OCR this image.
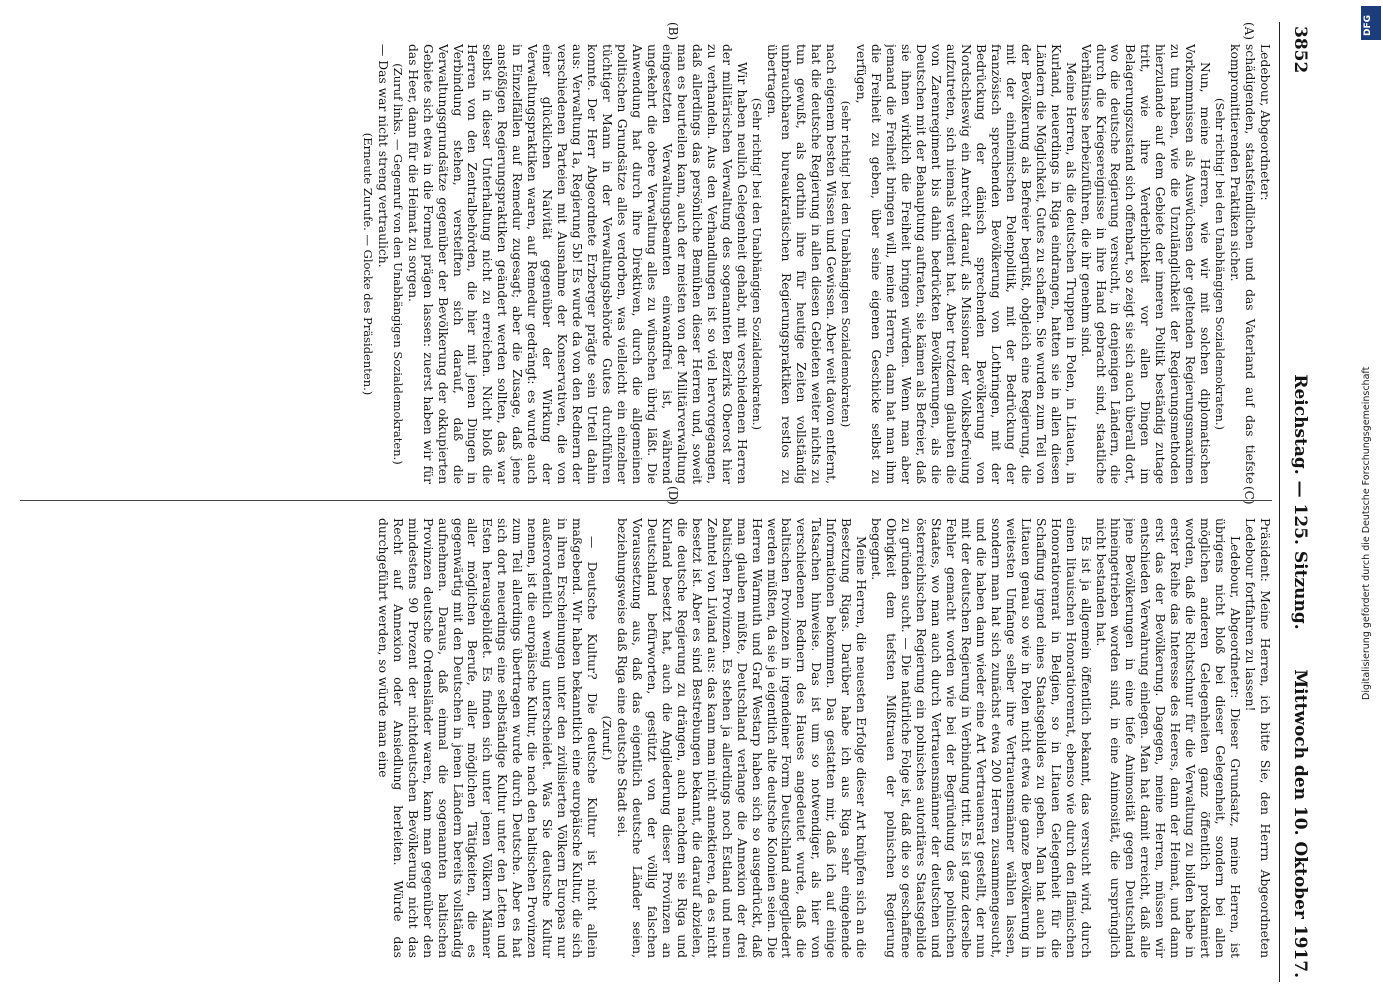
3852
Reichstag. — 125. Sitzung.
Mittwoch den 10. Oktober 1917.
(A)
(B)
(C)
(D)

Ledebour, Abgeordneter:

schädigenden, staatsfeindlichen und das Vaterland auf das tiefste kompromittierenden Praktiken sicher.

(Sehr richtig! bei den Unabhängigen Sozialdemokraten.)

Nun, meine Herren, wie wir mit solchen diplomatischen Vorkommnissen als Auswüchsen der geltenden Regierungsmaximen zu tun haben, wie die Unzulänglichkeit der Regierungsmethoden hierzulande auf dem Gebiete der inneren Politik beständig zutage tritt, wie ihre Verderblichkeit vor allen Dingen im Belagerungszustand sich offenbart, so zeigt sie sich auch überall dort, wo die deutsche Regierung versucht, in denjenigen Ländern, die durch die Kriegsereignisse in ihre Hand gebracht sind, staatliche Verhältnisse herbeizuführen, die ihr genehm sind.

Meine Herren, als die deutschen Truppen in Polen, in Litauen, in Kurland, neuerdings in Riga eindrangen, hatten sie in allen diesen Ländern die Möglichkeit, Gutes zu schaffen. Sie wurden zum Teil von der Bevölkerung als Befreier begrüßt, obgleich eine Regierung, die mit der einheimischen Polenpolitik, mit der Bedrückung der französisch sprechenden Bevölkerung von Lothringen, mit der Bedrückung der dänisch sprechenden Bevölkerung von Nordschleswig ein Anrecht darauf, als Missionar der Volksbefreiung aufzutreten, sich niemals verdient hat. Aber trotzdem glaubten die von Zarenregiment bis dahin bedrückten Bevölkerungen, als die Deutschen mit der Behauptung auftraten, sie kämen als Befreier, daß sie ihnen wirklich die Freiheit bringen würden. Wenn man aber jemand die Freiheit bringen will, meine Herren, dann hat man ihm die Freiheit zu geben, über seine eigenen Geschicke selbst zu verfügen,

(sehr richtig! bei den Unabhängigen Sozialdemokraten)

nach eigenem besten Wissen und Gewissen. Aber weit davon entfernt, hat die deutsche Regierung in allen diesen Gebieten weiter nichts zu tun gewußt, als dorthin ihre für heutige Zeiten vollständig unbrauchbaren bureaukratischen Regierungspraktiken restlos zu übertragen.

(Sehr richtig! bei den Unabhängigen Sozialdemokraten.)

Wir haben neulich Gelegenheit gehabt, mit verschiedenen Herren der militärischen Verwaltung des sogenannten Bezirks Oberost hier zu verhandeln. Aus den Verhandlungen ist so viel hervorgegangen, daß allerdings das persönliche Bemühen dieser Herren und, soweit man es beurteilen kann, auch der meisten von der Militärverwaltung eingesetzten Verwaltungsbeamten einwandfrei ist, während ungekehrt die obere Verwaltung alles zu wünschen übrig läßt. Die Anwendung hat durch ihre Direktiven, durch die allgemeinen politischen Grundsätze alles verdorben, was vielleicht ein einzelner tüchtiger Mann in der Verwaltungsbehörde Gutes durchführen konnte. Der Herr Abgeordnete Erzberger prägte sein Urteil dahin aus: Verwaltung 1a, Regierung 5b! Es wurde da von den Rednern der verschiedenen Parteien mit Ausnahme der Konservativen, die von einer glücklichen Naivität gegenüber der Wirkung der Verwaltungspraktiken waren, auf Remedur gedrängt: es wurde auch in Einzelfällen auf Remedur zugesagt; aber die Zusage, daß jene anstößigen Regierungspraktiken geändert werden sollten, das war selbst in dieser Unterhaltung nicht zu erreichen. Nicht bloß die Herren von den Zentralbehörden, die hier mit jenen Dingen in Verbindung stehen, versteiften sich darauf, daß die Verwaltungsgrundsätze gegenüber der Bevölkerung der okkupierten Gebiete sich etwa in die Formel prägen lassen: zuerst haben wir für das Heer, dann für die Heimat zu sorgen.

(Zuruf links. — Gegenruf von den Unabhängigen Sozialdemokraten.)

— Das war nicht streng vertraulich.

(Erneute Zurufe. — Glocke des Präsidenten.)

Präsident: Meine Herren, ich bitte Sie, den Herrn Abgeordneten Ledebour fortfahren zu lassen!

Ledebour, Abgeordneter: Dieser Grundsatz, meine Herren, ist übrigens nicht bloß bei dieser Gelegenheit, sondern bei allen möglichen anderen Gelegenheiten ganz öffentlich proklamiert worden, daß die Richtschnur für die Verwaltung zu bilden habe in erster Reihe das Interesse des Heeres, dann der Heimat, und dann erst das der Bevölkerung. Dagegen, meine Herren, müssen wir entschieden Verwahrung einlegen. Man hat damit erreicht, daß alle jene Bevölkerungen in eine tiefe Animosität gegen Deutschland hineingetrieben worden sind, in eine Animosität, die ursprünglich nicht bestanden hat.

Es ist ja allgemein öffentlich bekannt, das versucht wird, durch einen litauischen Honoratiorenrat, ebenso wie durch den flämischen Honoratiorenrat in Belgien, so in Litauen Gelegenheit für die Schaffung irgend eines Staatsgebildes zu geben. Man hat auch in Litauen genau so wie in Polen nicht etwa die ganze Bevölkerung in weitesten Umfange selber ihre Vertrauensmänner wählen lassen, sondern man hat sich zunächst etwa 200 Herren zusammengesucht, und die haben dann wieder eine Art Vertrauensrat gestellt, der nun mit der deutschen Regierung in Verbindung tritt. Es ist ganz derselbe Fehler gemacht worden wie bei der Begründung des polnischen Staates, wo man auch durch Vertrauensmänner der deutschen und österreichischen Regierung ein polnisches autoritäres Staatsgebilde zu gründen sucht. — Die natürliche Folge ist, daß die so geschaffene Obrigkeit dem tiefsten Mißtrauen der polnischen Regierung begegnet.

Meine Herren, die neuesten Erfolge dieser Art knüpfen sich an die Besetzung Rigas. Darüber habe ich aus Riga sehr eingehende Informationen bekommen. Das gestatten mir, daß ich auf einige Tatsachen hinweise. Das ist um so notwendiger, als hier von verschiedenen Rednern des Hauses angedeutet wurde, daß die baltischen Provinzen in irgendeiner Form Deutschland angegliedert werden müßten, da sie ja eigentlich alte deutsche Kolonien seien. Die Herren Warmuth und Graf Westarp haben sich so ausgedrückt, daß man glauben müßte, Deutschland verlange die Annexion der drei baltischen Provinzen. Es stehen ja allerdings noch Estland und neun Zehntel von Livland aus: das kann man nicht annektieren, da es nicht besetzt ist. Aber es sind Bestrebungen bekannt, die darauf abzielen, die deutsche Regierung zu drängen, auch nachdem sie Riga und Kurland besetzt hat, auch die Angliederung dieser Provinzen an Deutschland befürworten, gestützt von der völlig falschen Voraussetzung aus, daß das eigentlich deutsche Länder seien, beziehungsweise daß Riga eine deutsche Stadt sei.

(Zuruf.)

— Deutsche Kultur? Die deutsche Kultur ist nicht allein maßgebend. Wir haben bekanntlich eine europäische Kultur, die sich in ihren Erscheinungen unter den zivilisierten Völkern Europas nur außerordentlich wenig unterscheidet. Was Sie deutsche Kultur nennen, ist die europäische Kultur, die nach den baltischen Provinzen zum Teil allerdings übertragen wurde durch Deutsche. Aber es hat sich dort neuerdings eine selbständige Kultur unter den Letten und Esten herausgebildet. Es finden sich unter jenen Völkern Männer aller möglichen Berufe, aller möglichen Tätigkeiten, die es gegenwärtig mit den Deutschen in jenen Ländern bereits vollständig aufnehmen. Daraus, daß einmal die sogenannten baltischen Provinzen deutsche Ordensländer waren, kann man gegenüber den mindestens 90 Prozent der nichtdeutschen Bevölkerung nicht das Recht auf Annexion oder Ansiedlung herleiten. Würde das durchgeführt werden, so würde man eine	Digitalisierung gefördert durch die Deutsche Forschungsgemeinschaft
DFG
